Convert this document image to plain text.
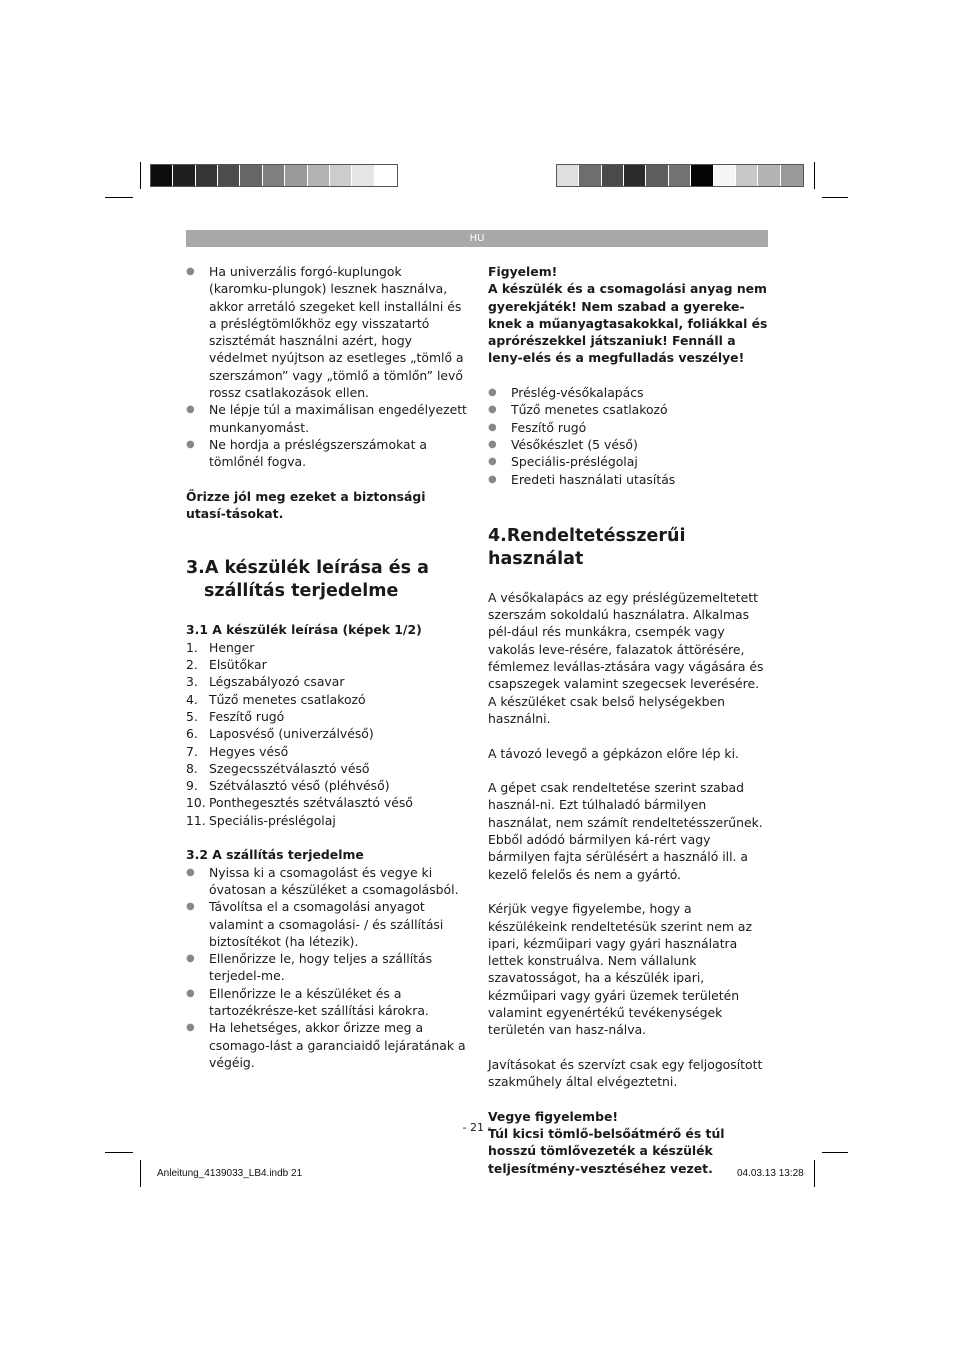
HU
● Ha univerzális forgó-kuplungok (karomku-plungok) lesznek használva, akkor arretáló szegeket kell installálni és a préslégtömlőkhöz egy visszatartó szisztémát használni azért, hogy védelmet nyújtson az esetleges „tömlő a szerszámon” vagy „tömlő a tömlőn” levő rossz csatlakozások ellen.
● Ne lépje túl a maximálisan engedélyezett munkanyomást.
● Ne hordja a préslégszerszámokat a tömlőnél fogva.

Őrizze jól meg ezeket a biztonsági utasí-tásokat.

3.A készülék leírása és a
szállítás terjedelme

3.1 A készülék leírása (képek 1/2)

1. Henger
2. Elsütőkar
3. Légszabályozó csavar
4. Tűző menetes csatlakozó
5. Feszítő rugó
6. Laposvéső (univerzálvéső)
7. Hegyes véső
8. Szegecsszétválasztó véső
9. Szétválasztó véső (pléhvéső)
10. Ponthegesztés szétválasztó véső
11. Speciális-préslégolaj

3.2 A szállítás terjedelme

● Nyissa ki a csomagolást és vegye ki óvatosan a készüléket a csomagolásból.
● Távolítsa el a csomagolási anyagot valamint a csomagolási- / és szállítási biztosítékot (ha létezik).
● Ellenőrizze le, hogy teljes a szállítás terjedel-me.
● Ellenőrizze le a készüléket és a tartozékrésze-ket szállítási károkra.
● Ha lehetséges, akkor őrizze meg a csomago-lást a garanciaidő lejáratának a végéig.

Figyelem!
A készülék és a csomagolási anyag nem gyerekjáték! Nem szabad a gyereke-knek a műanyagtasakokkal, foliákkal és aprórészekkel játszaniuk! Fennáll a leny-elés és a megfulladás veszélye!

● Préslég-vésőkalapács
● Tűző menetes csatlakozó
● Feszítő rugó
● Vésőkészlet (5 véső)
● Speciális-préslégolaj
● Eredeti használati utasítás
4.Rendeltetésszerűi használat

A vésőkalapács az egy préslégüzemeltetett szerszám sokoldalú használatra. Alkalmas pél-dául rés munkákra, csempék vagy vakolás leve-résére, falazatok áttörésére, fémlemez levállas-ztására vagy vágására és csapszegek valamint szegecsek leverésére.

A készüléket csak belső helységekben használni.

A távozó levegő a gépkázon előre lép ki.

A gépet csak rendeltetése szerint szabad használ-ni. Ezt túlhaladó bármilyen használat, nem számít rendeltetésszerűnek. Ebből adódó bármilyen ká-rért vagy bármilyen fajta sérülésért a használó ill. a kezelő felelős és nem a gyártó.

Kérjük vegye figyelembe, hogy a készülékeink rendeltetésük szerint nem az ipari, kézműipari vagy gyári használatra lettek konstruálva. Nem vállalunk szavatosságot, ha a készülék ipari, kézműipari vagy gyári üzemek területén valamint egyenértékű tevékenységek területén van hasz-nálva.

Javításokat és szervízt csak egy feljogosított szakműhely által elvégeztetni.

Vegye figyelembe!
Túl kicsi tömlő-belsőátmérő és túl hosszú tömlővezeték a készülék teljesítmény-vesztéséhez vezet.

- 21 -
Anleitung_4139033_LB4.indb 21	04.03.13 13:28
